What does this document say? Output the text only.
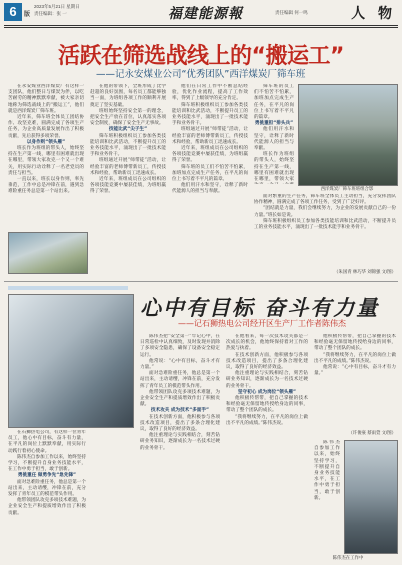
6	版
2023年5月21日 星期日
责任编辑：张 一	福建能源報	责任编辑 何一鸣	人 物
活跃在筛选战线上的“搬运工”
——记永安煤业公司“优秀团队”西洋煤炭厂筛车班

在永安煤业西洋煤炭厂有这样一支团队，他们整日与煤炭为伴，以吃苦耐劳的精神默默奉献，被大家亲切地称为筛选战线上的“搬运工”，他们就是西洋煤炭厂筛车班。

近年来，筛车班全体员工团结协作、攻坚克难，圆满完成了各项生产任务，为企业高质量发展作出了积极贡献，先后获得多项荣誉。

以身作则“领头雁”

班长作为班组的带头人，始终坚持在生产第一线，哪里有困难就出现在哪里，带领大家攻克一个又一个难关，用实际行动诠释了一名老党员的责任与担当。

一直以来，班长以身作则，率先垂范，工作中总是冲锋在前，遇到急难险重任务总是第一个站出来。

在他的带领下，全班形成了比学赶超的良好氛围，每名员工都能够独当一面，为班组各项工作的顺利开展奠定了坚实基础。

班组始终坚持安全第一的理念，把安全生产放在首位，认真落实各项安全制度，确保了安全生产无事故。

技能比武“尖子生”

筛车班积极组织员工参加各类技能培训和比武活动，不断提升员工的业务技能水平，涌现出了一批技术能手和业务骨干。

班组通过开展“师带徒”活动，让经验丰富的老师傅带新员工，传授技术和经验，帮助新员工迅速成长。

近年来，班组成员在公司组织的各项技能竞赛中屡获佳绩，为班组赢得了荣誉。

他们在日常工作中不断总结经验，优化作业流程，提高了工作效率，得到了上级领导的充分肯定。

筛车班积极组织员工参加各类技能培训和比武活动，不断提升员工的业务技能水平，涌现出了一批技术能手和业务骨干。

班组通过开展“师带徒”活动，让经验丰富的老师傅带新员工，传授技术和经验，帮助新员工迅速成长。

近年来，班组成员在公司组织的各项技能竞赛中屡获佳绩，为班组赢得了荣誉。

筛车班的员工们不怕苦不怕累，加班加点完成生产任务，在平凡的岗位上书写着不平凡的篇章。

他们用汗水和坚守，诠释了新时代能源人的担当与奉献。

筛车班的员工们不怕苦不怕累，加班加点完成生产任务，在平凡的岗位上书写着不平凡的篇章。

勇挑重担“排头兵”

他们用汗水和坚守，诠释了新时代能源人的担当与奉献。

班长作为班组的带头人，始终坚持在生产第一线，哪里有困难就出现在哪里，带领大家

西洋煤炭厂筛车班班组合影

面对繁重的生产任务，筛车班全体员工主动担当，充分发挥团队协作精神，圆满完成了各项工作任务，受到了广泛好评。

“团结就是力量，我们会继续努力，为企业的发展贡献自己的一份力量。”班长如是说。

筛车班积极组织员工参加各类技能培训和比武活动，不断提升员工的业务技能水平，涌现出了一批技术能手和业务骨干。

（朱国青 林巧华 刘锦强 文/图）
心中有目标 奋斗有力量
——记石狮热电公司经开区生产厂工作者陈伟杰

在石狮热电公司，有这样一位青年员工，他心中有目标，奋斗有力量，在平凡的岗位上默默奉献，用实际行动践行着初心使命。

陈伟杰自参加工作以来，始终坚持学习，不断提升自身业务技能水平，在工作中勇于担当，敢于创新。

勇挑重任 做勇争先“急先锋”

面对急难险重任务，他总是第一个站出来，主动请缨，冲锋在前，充分发挥了青年员工的模范带头作用。

他带领团队攻克多项技术难题，为企业安全生产和提质增效作出了积极贡献。

陈伟杰把“安全第一”牢记心中，在日常巡检中认真细致，及时发现并消除了多项安全隐患，确保了设备安全稳定运行。

他常说：“心中有目标，奋斗才有力量。”

面对急难险重任务，他总是第一个站出来，主动请缨，冲锋在前，充分发挥了青年员工的模范带头作用。

他带领团队攻克多项技术难题，为企业安全生产和提质增效作出了积极贡献。

技术攻关 成为技术“多面手”

在技术创新方面，他积极参与各项技术改造项目，提出了多条合理化建议，取得了良好的经济效益。

他注重理论与实践相结合，刻苦钻研业务知识，逐渐成长为一名技术过硬的业务骨干。

在他看来，每一次技术攻关都是一次成长的机会，他始终保持着对工作的热爱与执着。

在技术创新方面，他积极参与各项技术改造项目，提出了多条合理化建议，取得了良好的经济效益。

他注重理论与实践相结合，刻苦钻研业务知识，逐渐成长为一名技术过硬的业务骨干。

坚守初心 成为岗位“领头雁”

他积极传帮带，把自己掌握的技术和经验毫无保留地传授给身边的同事，带动了整个团队的成长。

“我将继续努力，在平凡的岗位上做出不平凡的成绩。”陈伟杰说。

他积极传帮带，把自己掌握的技术和经验毫无保留地传授给身边的同事，带动了整个团队的成长。

“我将继续努力，在平凡的岗位上做出不平凡的成绩。”陈伟杰说。

他常说：“心中有目标，奋斗才有力量。”

（许俊豪 蔡雨萱 文/图）

陈伟杰自参加工作以来，始终坚持学习，不断提升自身业务技能水平，在工作中勇于担当，敢于创新。

陈伟杰在工作中
